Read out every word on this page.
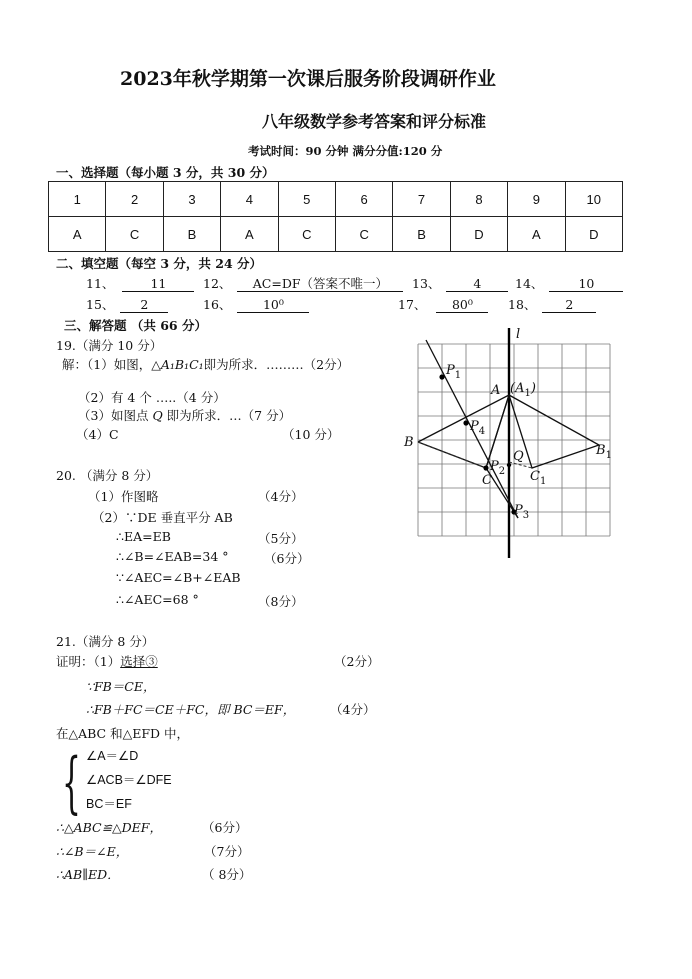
2023年秋学期第一次课后服务阶段调研作业
八年级数学参考答案和评分标准
考试时间：90 分钟 满分分值:120 分
一、选择题（每小题 3 分，共 30 分）
1	2	3	4	5	6	7	8	9	10
A	C	B	A	C	C	B	D	A	D
二、填空题（每空 3 分，共 24 分）
11、	11	12、 AC=DF（答案不唯一）	13、	4	14、	10
15、 2	16、	10⁰	17、 80⁰	18、 2
三、解答题 （共 66 分）
19.（满分 10 分）
解：（1）如图，△A₁B₁C₁即为所求．………（2分）
（2）有 4 个 …..（4 分）
（3）如图点 Q 即为所求．…（7 分）
（4）C	（10 分）
l
$P_1$
A $(A_1)$
$P_4$
B
$B_1$
$P_2$
Q
C	$C_1$
$P_3$
20. （满分 8 分）
（1）作图略	（4分）
（2）∵DE 垂直平分 AB
∴EA=EB	（5分）
∴∠B=∠EAB=34 °	（6分）
∵∠AEC=∠B+∠EAB
∴∠AEC=68 °	（8分）
21.（满分 8 分）
证明：（1）选择③	（2分）
∵FB＝CE，
∴FB＋FC＝CE＋FC，即 BC＝EF，	（4分）
在△ABC 和△EFD 中，
{ ∠A＝∠D
∠ACB＝∠DFE
BC＝EF
∴△ABC≌△DEF，	（6分）
∴∠B＝∠E，	（7分）
∴AB∥ED．	（ 8分）
